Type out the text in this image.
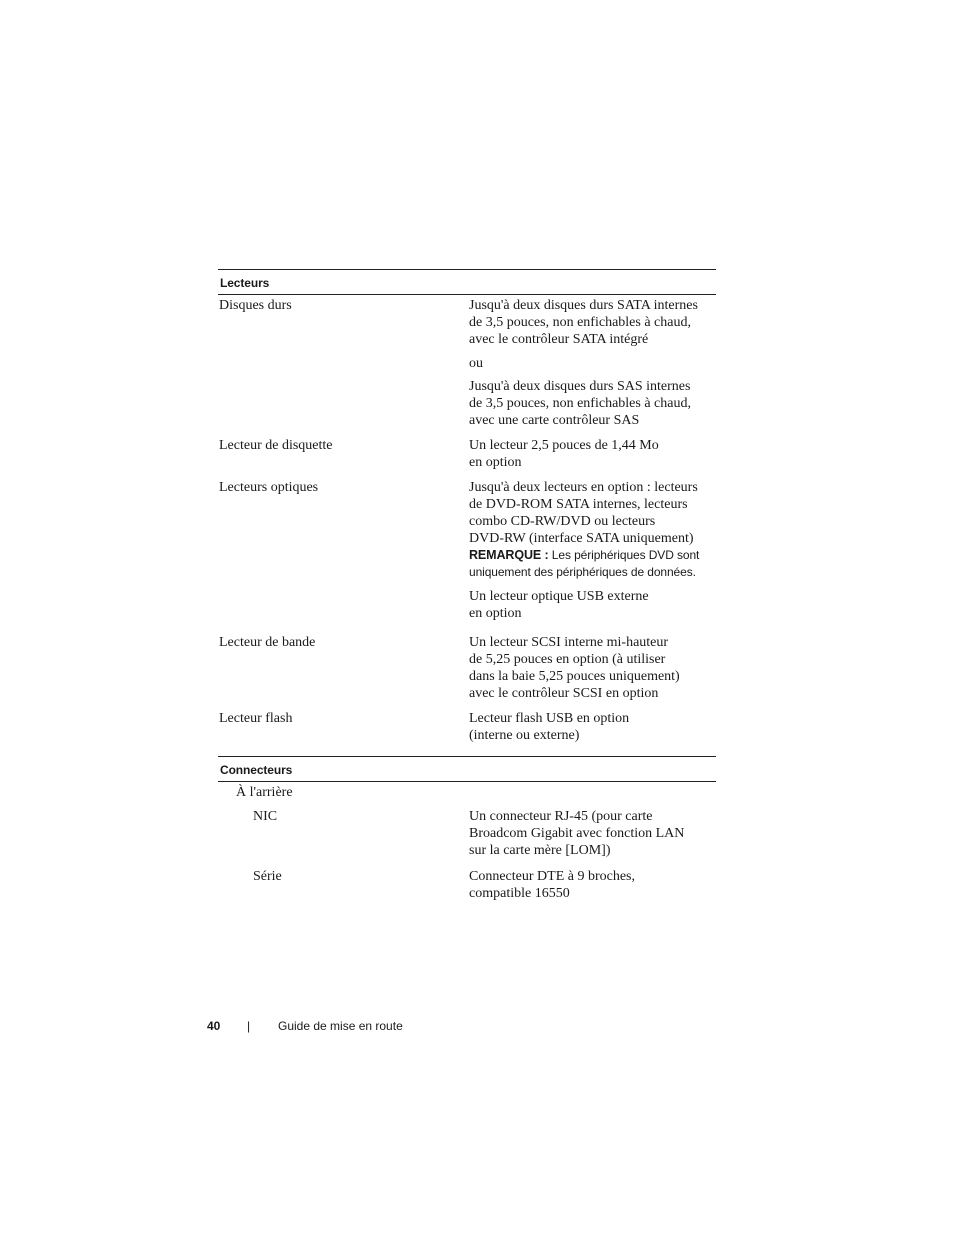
Lecteurs
Disques durs	Jusqu'à deux disques durs SATA internes

de 3,5 pouces, non enfichables à chaud,

avec le contrôleur SATA intégré

ou

Jusqu'à deux disques durs SAS internes

de 3,5 pouces, non enfichables à chaud,

avec une carte contrôleur SAS

Lecteur de disquette	Un lecteur 2,5 pouces de 1,44 Mo

en option

Lecteurs optiques	Jusqu'à deux lecteurs en option : lecteurs

de DVD-ROM SATA internes, lecteurs

combo CD-RW/DVD ou lecteurs

DVD-RW (interface SATA uniquement)

REMARQUE : Les périphériques DVD sont

uniquement des périphériques de données.

Un lecteur optique USB externe

en option

Lecteur de bande	Un lecteur SCSI interne mi-hauteur

de 5,25 pouces en option (à utiliser

dans la baie 5,25 pouces uniquement)

avec le contrôleur SCSI en option

Lecteur flash	Lecteur flash USB en option

(interne ou externe)

Connecteurs
À l'arrière
NIC	Un connecteur RJ-45 (pour carte

Broadcom Gigabit avec fonction LAN

sur la carte mère [LOM])

Série	Connecteur DTE à 9 broches,

compatible 16550

40 | Guide de mise en route
